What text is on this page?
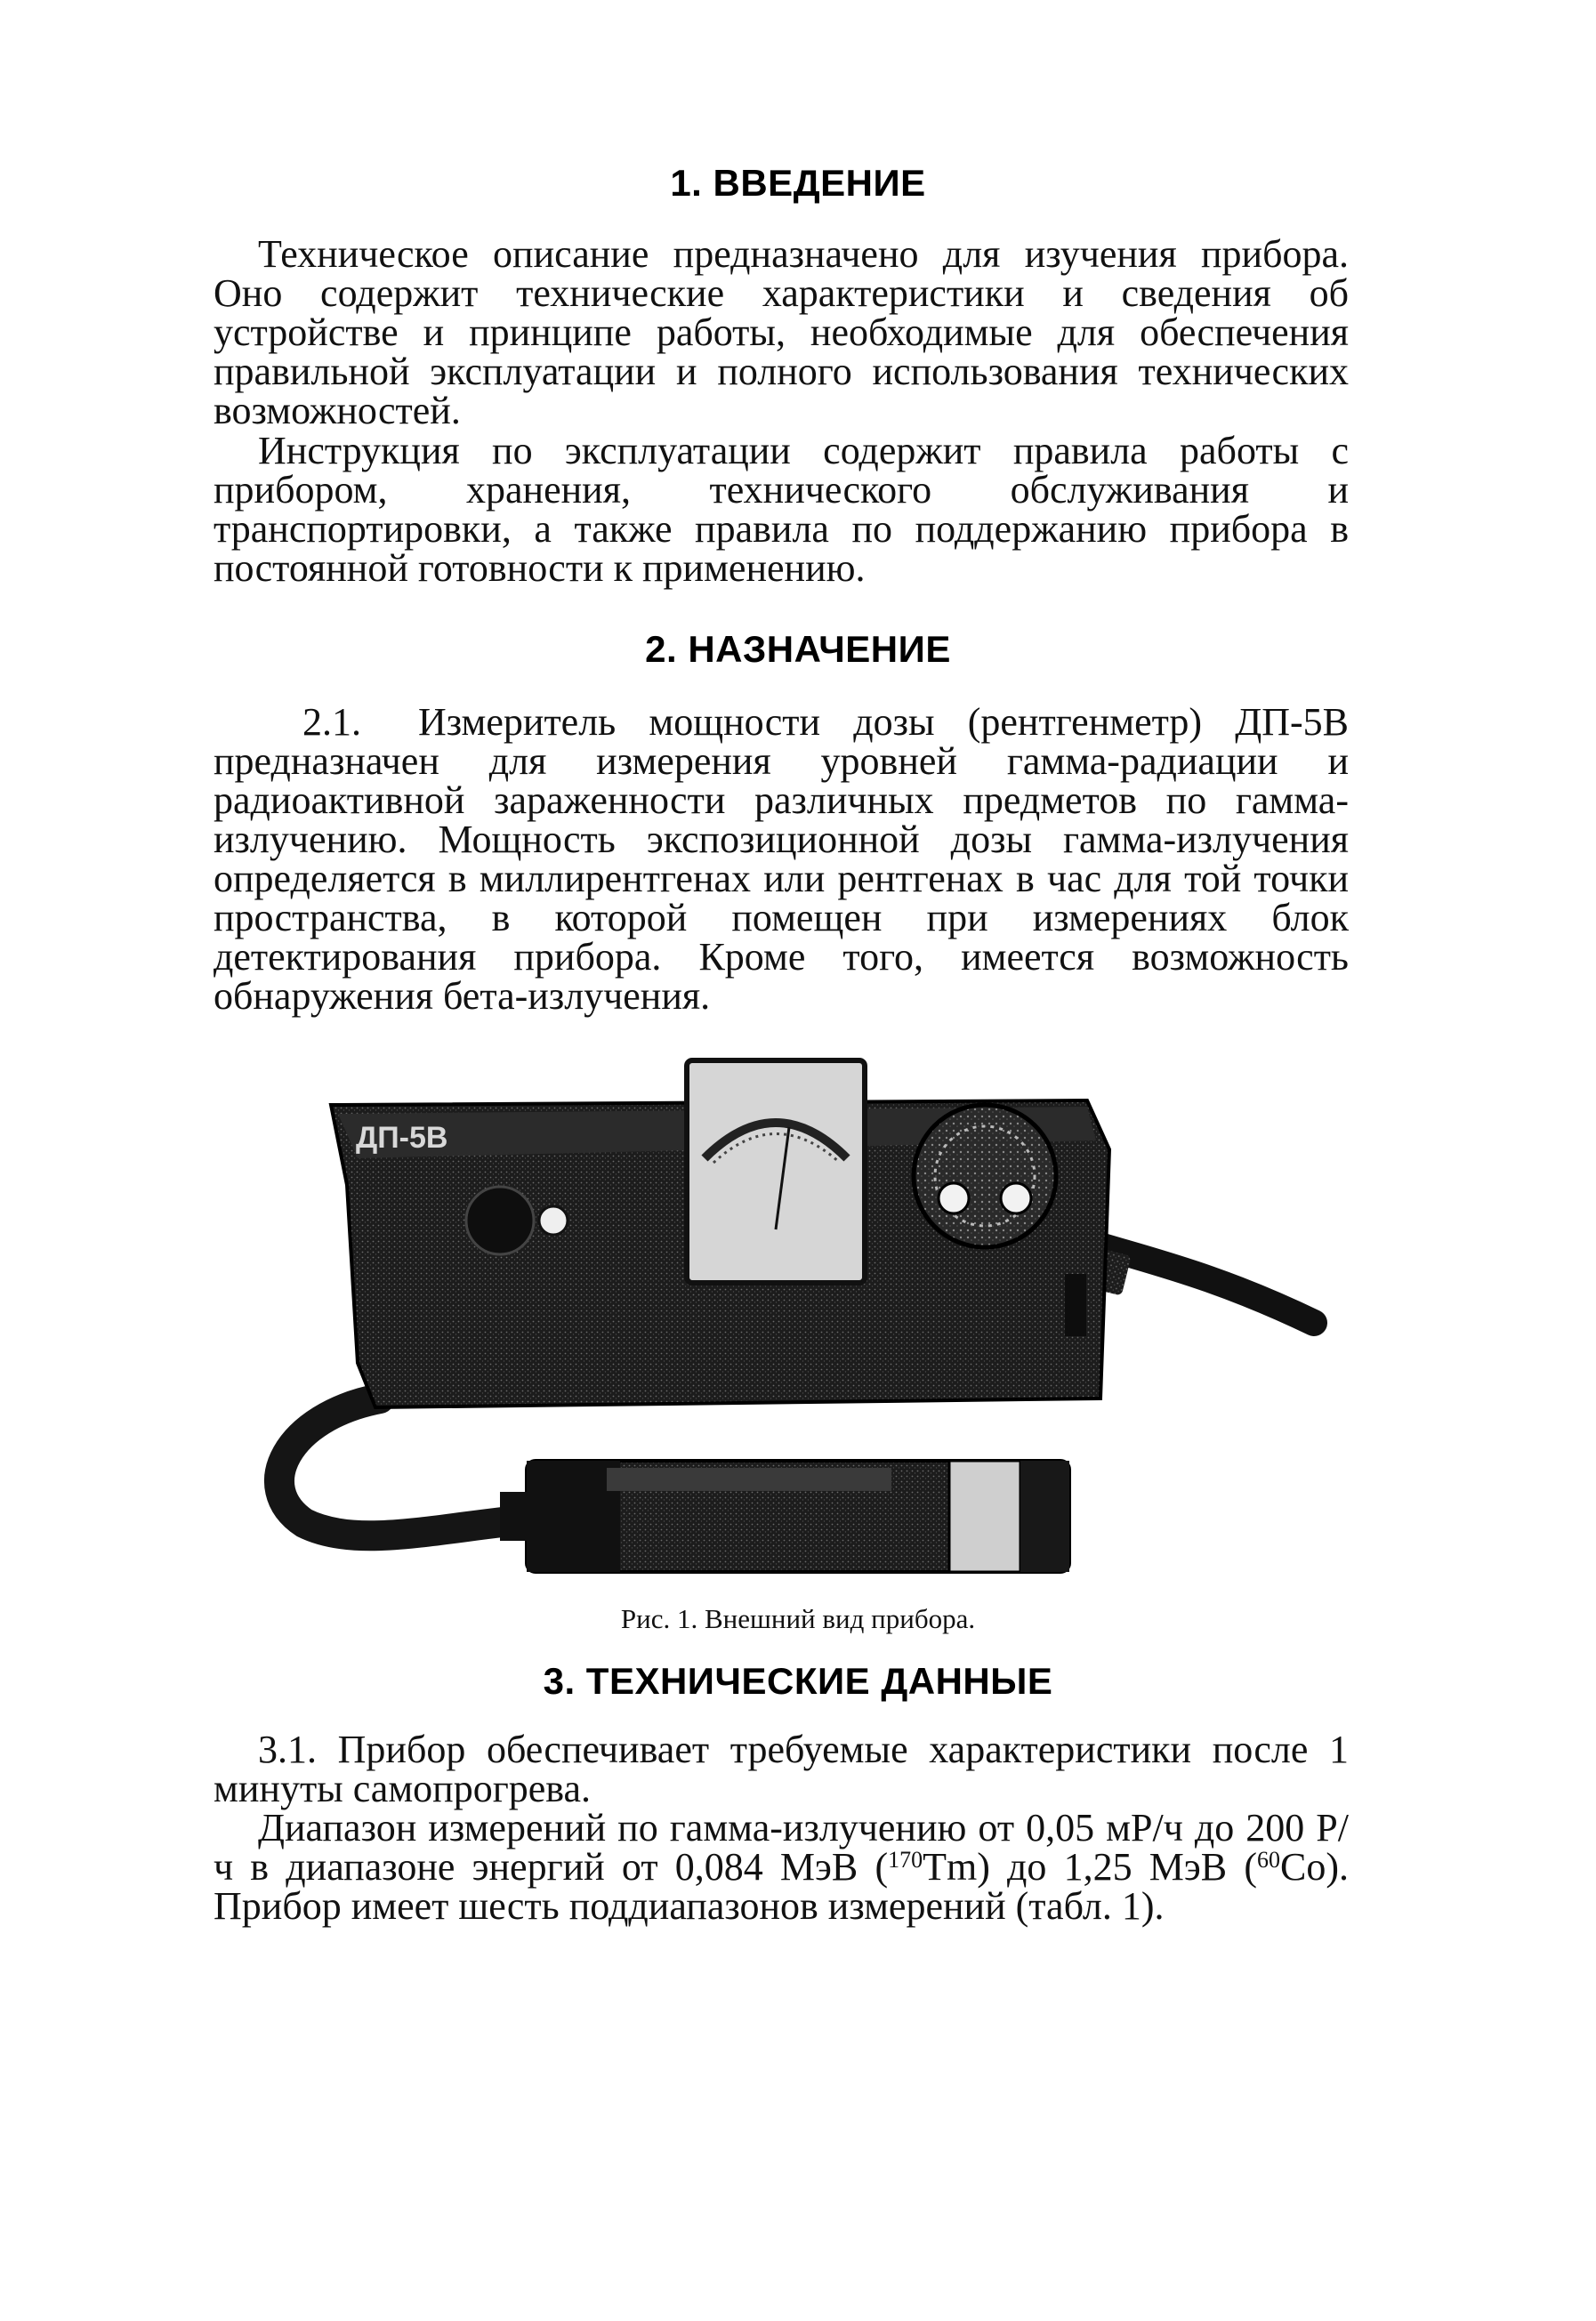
1. ВВЕДЕНИЕ

Техническое описание предназначено для изучения прибора. Оно содержит технические характеристики и сведения об устройстве и принципе работы, необходимые для обеспечения правильной эксплуатации и полного использования технических возможностей.

Инструкция по эксплуатации содержит правила работы с прибором, хранения, технического обслуживания и транспортировки, а также правила по поддержанию прибора в постоянной готовности к применению.

2. НАЗНАЧЕНИЕ

2.1. Измеритель мощности дозы (рентгенметр) ДП-5В предназначен для измерения уровней гамма-радиации и радиоактивной зараженности различных предметов по гамма-излучению. Мощность экспозиционной дозы гамма-излучения определяется в миллирентгенах или рентгенах в час для той точки пространства, в которой помещен при измерениях блок детектирования прибора. Кроме того, имеется возможность обнаружения бета-излучения.

ДП-5В
Рис. 1. Внешний вид прибора.
3. ТЕХНИЧЕСКИЕ ДАННЫЕ

3.1. Прибор обеспечивает требуемые характеристики после 1 минуты самопрогрева.

Диапазон измерений по гамма-излучению от 0,05 мР/ч до 200 Р/ч в диапазоне энергий от 0,084 МэВ ($^{170}$Tm) до 1,25 МэВ ($^{60}$Co). Прибор имеет шесть поддиапазонов измерений (табл. 1).
